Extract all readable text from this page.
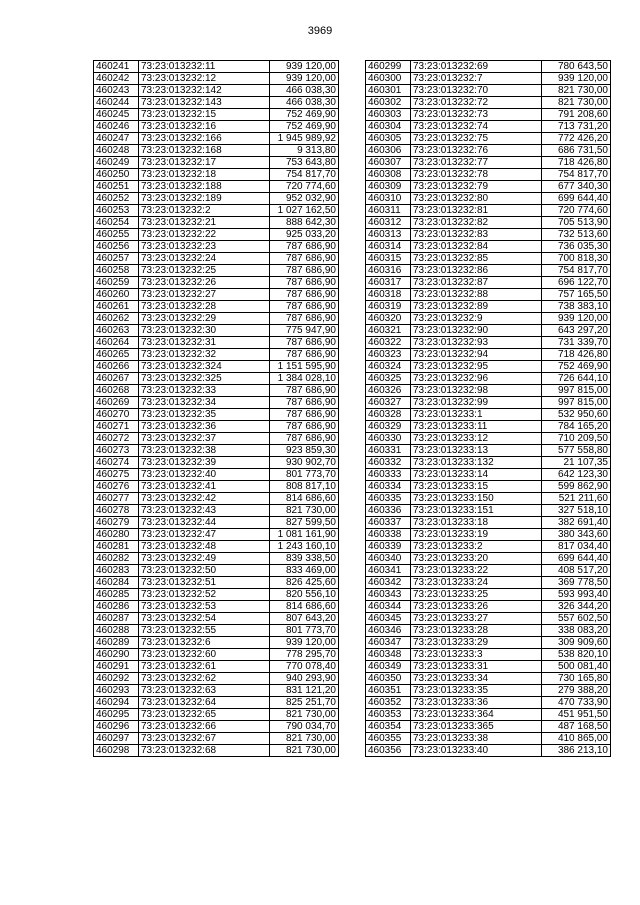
3969
460241	73:23:013232:11	939 120,00
460242	73:23:013232:12	939 120,00
460243	73:23:013232:142	466 038,30
460244	73:23:013232:143	466 038,30
460245	73:23:013232:15	752 469,90
460246	73:23:013232:16	752 469,90
460247	73:23:013232:166	1 945 989,92
460248	73:23:013232:168	9 313,80
460249	73:23:013232:17	753 643,80
460250	73:23:013232:18	754 817,70
460251	73:23:013232:188	720 774,60
460252	73:23:013232:189	952 032,90
460253	73:23:013232:2	1 027 162,50
460254	73:23:013232:21	888 642,30
460255	73:23:013232:22	925 033,20
460256	73:23:013232:23	787 686,90
460257	73:23:013232:24	787 686,90
460258	73:23:013232:25	787 686,90
460259	73:23:013232:26	787 686,90
460260	73:23:013232:27	787 686,90
460261	73:23:013232:28	787 686,90
460262	73:23:013232:29	787 686,90
460263	73:23:013232:30	775 947,90
460264	73:23:013232:31	787 686,90
460265	73:23:013232:32	787 686,90
460266	73:23:013232:324	1 151 595,90
460267	73:23:013232:325	1 384 028,10
460268	73:23:013232:33	787 686,90
460269	73:23:013232:34	787 686,90
460270	73:23:013232:35	787 686,90
460271	73:23:013232:36	787 686,90
460272	73:23:013232:37	787 686,90
460273	73:23:013232:38	923 859,30
460274	73:23:013232:39	930 902,70
460275	73:23:013232:40	801 773,70
460276	73:23:013232:41	808 817,10
460277	73:23:013232:42	814 686,60
460278	73:23:013232:43	821 730,00
460279	73:23:013232:44	827 599,50
460280	73:23:013232:47	1 081 161,90
460281	73:23:013232:48	1 243 160,10
460282	73:23:013232:49	839 338,50
460283	73:23:013232:50	833 469,00
460284	73:23:013232:51	826 425,60
460285	73:23:013232:52	820 556,10
460286	73:23:013232:53	814 686,60
460287	73:23:013232:54	807 643,20
460288	73:23:013232:55	801 773,70
460289	73:23:013232:6	939 120,00
460290	73:23:013232:60	778 295,70
460291	73:23:013232:61	770 078,40
460292	73:23:013232:62	940 293,90
460293	73:23:013232:63	831 121,20
460294	73:23:013232:64	825 251,70
460295	73:23:013232:65	821 730,00
460296	73:23:013232:66	790 034,70
460297	73:23:013232:67	821 730,00
460298	73:23:013232:68	821 730,00
460299	73:23:013232:69	780 643,50
460300	73:23:013232:7	939 120,00
460301	73:23:013232:70	821 730,00
460302	73:23:013232:72	821 730,00
460303	73:23:013232:73	791 208,60
460304	73:23:013232:74	713 731,20
460305	73:23:013232:75	772 426,20
460306	73:23:013232:76	686 731,50
460307	73:23:013232:77	718 426,80
460308	73:23:013232:78	754 817,70
460309	73:23:013232:79	677 340,30
460310	73:23:013232:80	699 644,40
460311	73:23:013232:81	720 774,60
460312	73:23:013232:82	705 513,90
460313	73:23:013232:83	732 513,60
460314	73:23:013232:84	736 035,30
460315	73:23:013232:85	700 818,30
460316	73:23:013232:86	754 817,70
460317	73:23:013232:87	696 122,70
460318	73:23:013232:88	757 165,50
460319	73:23:013232:89	738 383,10
460320	73:23:013232:9	939 120,00
460321	73:23:013232:90	643 297,20
460322	73:23:013232:93	731 339,70
460323	73:23:013232:94	718 426,80
460324	73:23:013232:95	752 469,90
460325	73:23:013232:96	726 644,10
460326	73:23:013232:98	997 815,00
460327	73:23:013232:99	997 815,00
460328	73:23:013233:1	532 950,60
460329	73:23:013233:11	784 165,20
460330	73:23:013233:12	710 209,50
460331	73:23:013233:13	577 558,80
460332	73:23:013233:132	21 107,35
460333	73:23:013233:14	642 123,30
460334	73:23:013233:15	599 862,90
460335	73:23:013233:150	521 211,60
460336	73:23:013233:151	327 518,10
460337	73:23:013233:18	382 691,40
460338	73:23:013233:19	380 343,60
460339	73:23:013233:2	817 034,40
460340	73:23:013233:20	699 644,40
460341	73:23:013233:22	408 517,20
460342	73:23:013233:24	369 778,50
460343	73:23:013233:25	593 993,40
460344	73:23:013233:26	326 344,20
460345	73:23:013233:27	557 602,50
460346	73:23:013233:28	338 083,20
460347	73:23:013233:29	309 909,60
460348	73:23:013233:3	538 820,10
460349	73:23:013233:31	500 081,40
460350	73:23:013233:34	730 165,80
460351	73:23:013233:35	279 388,20
460352	73:23:013233:36	470 733,90
460353	73:23:013233:364	451 951,50
460354	73:23:013233:365	487 168,50
460355	73:23:013233:38	410 865,00
460356	73:23:013233:40	386 213,10
